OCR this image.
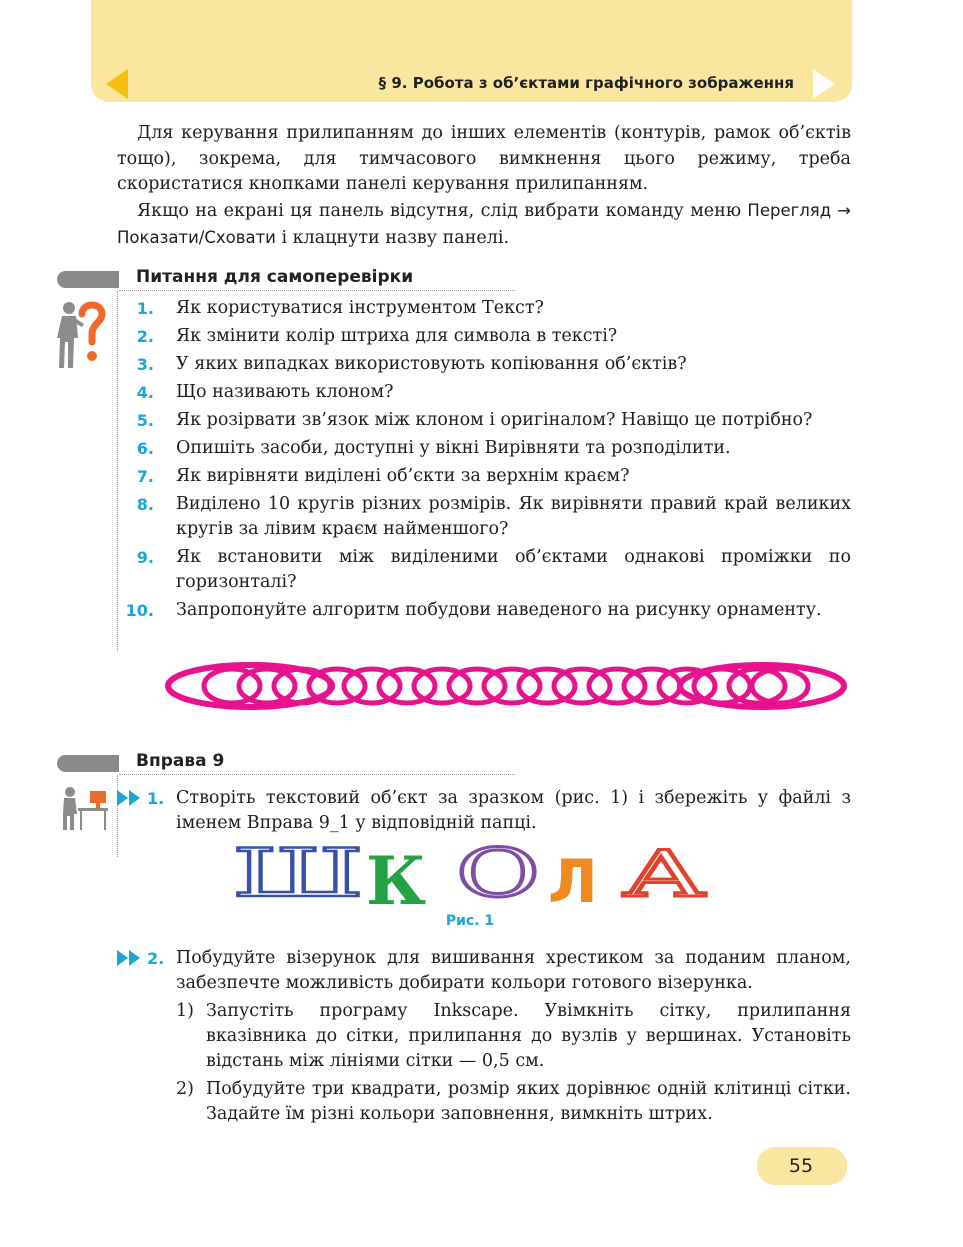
§ 9. Робота з об’єктами графічного зображення

Для керування прилипанням до інших елементів (контурів, рамок об’єктів тощо), зокрема, для тимчасового вимкнення цього режиму, треба скористатися кнопками панелі керування прилипанням.

Якщо на екрані ця панель відсутня, слід вибрати команду меню Перегляд → Показати/Сховати і клацнути назву панелі.

Питання для самоперевірки
1. Як користуватися інструментом Текст?
2. Як змінити колір штриха для символа в тексті?
3. У яких випадках використовують копіювання об’єктів?
4. Що називають клоном?
5. Як розірвати зв’язок між клоном і оригіналом? Навіщо це потрібно?
6. Опишіть засоби, доступні у вікні Вирівняти та розподілити.
7. Як вирівняти виділені об’єкти за верхнім краєм?
8. Виділено 10 кругів різних розмірів. Як вирівняти правий край великих кругів за лівим краєм найменшого?
9. Як встановити між виділеними об’єктами однакові проміжки по горизонталі?
10. Запропонуйте алгоритм побудови наведеного на рисунку орнаменту.
Вправа 9
1. Створіть текстовий об’єкт за зразком (рис. 1) і збережіть у файлі з іменем Вправа 9_1 у відповідній папці.
Ш К О Л А
Рис. 1
2. Побудуйте візерунок для вишивання хрестиком за поданим планом, забезпечте можливість добирати кольори готового візерунка.
1) Запустіть програму Inkscape. Увімкніть сітку, прилипання вказівника до сітки, прилипання до вузлів у вершинах. Установіть відстань між лініями сітки — 0,5 см.
2) Побудуйте три квадрати, розмір яких дорівнює одній клітинці сітки. Задайте їм різні кольори заповнення, вимкніть штрих.
55
